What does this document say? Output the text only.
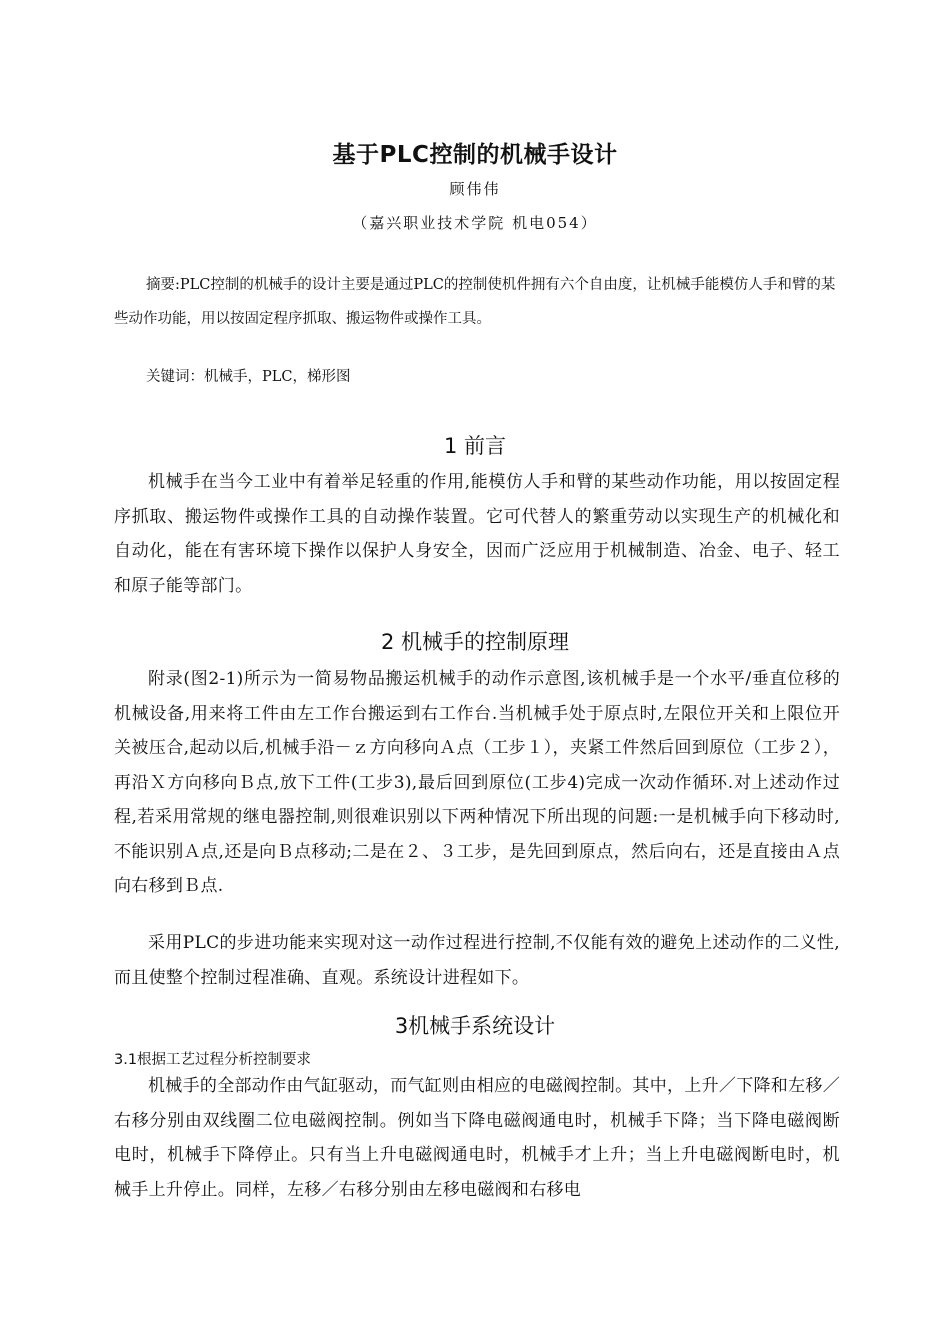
基于PLC控制的机械手设计
顾伟伟
（嘉兴职业技术学院 机电054）
摘要:PLC控制的机械手的设计主要是通过PLC的控制使机件拥有六个自由度，让机械手能模仿人手和臂的某些动作功能，用以按固定程序抓取、搬运物件或操作工具。
关键词：机械手，PLC，梯形图
1 前言
机械手在当今工业中有着举足轻重的作用,能模仿人手和臂的某些动作功能，用以按固定程序抓取、搬运物件或操作工具的自动操作装置。它可代替人的繁重劳动以实现生产的机械化和自动化，能在有害环境下操作以保护人身安全，因而广泛应用于机械制造、冶金、电子、轻工和原子能等部门。
2 机械手的控制原理
附录(图2-1)所示为一简易物品搬运机械手的动作示意图,该机械手是一个水平/垂直位移的机械设备,用来将工件由左工作台搬运到右工作台.当机械手处于原点时,左限位开关和上限位开关被压合,起动以后,机械手沿－ｚ方向移向Ａ点（工步１），夹紧工件然后回到原位（工步２），再沿Ｘ方向移向Ｂ点,放下工件(工步3),最后回到原位(工步4)完成一次动作循环.对上述动作过程,若采用常规的继电器控制,则很难识别以下两种情况下所出现的问题:一是机械手向下移动时,不能识别Ａ点,还是向Ｂ点移动;二是在２、３工步，是先回到原点，然后向右，还是直接由Ａ点向右移到Ｂ点.
采用PLC的步进功能来实现对这一动作过程进行控制,不仅能有效的避免上述动作的二义性,而且使整个控制过程准确、直观。系统设计进程如下。
3机械手系统设计
3.1根据工艺过程分析控制要求
机械手的全部动作由气缸驱动，而气缸则由相应的电磁阀控制。其中，上升／下降和左移／右移分别由双线圈二位电磁阀控制。例如当下降电磁阀通电时，机械手下降；当下降电磁阀断电时，机械手下降停止。只有当上升电磁阀通电时，机械手才上升；当上升电磁阀断电时，机械手上升停止。同样，左移／右移分别由左移电磁阀和右移电
